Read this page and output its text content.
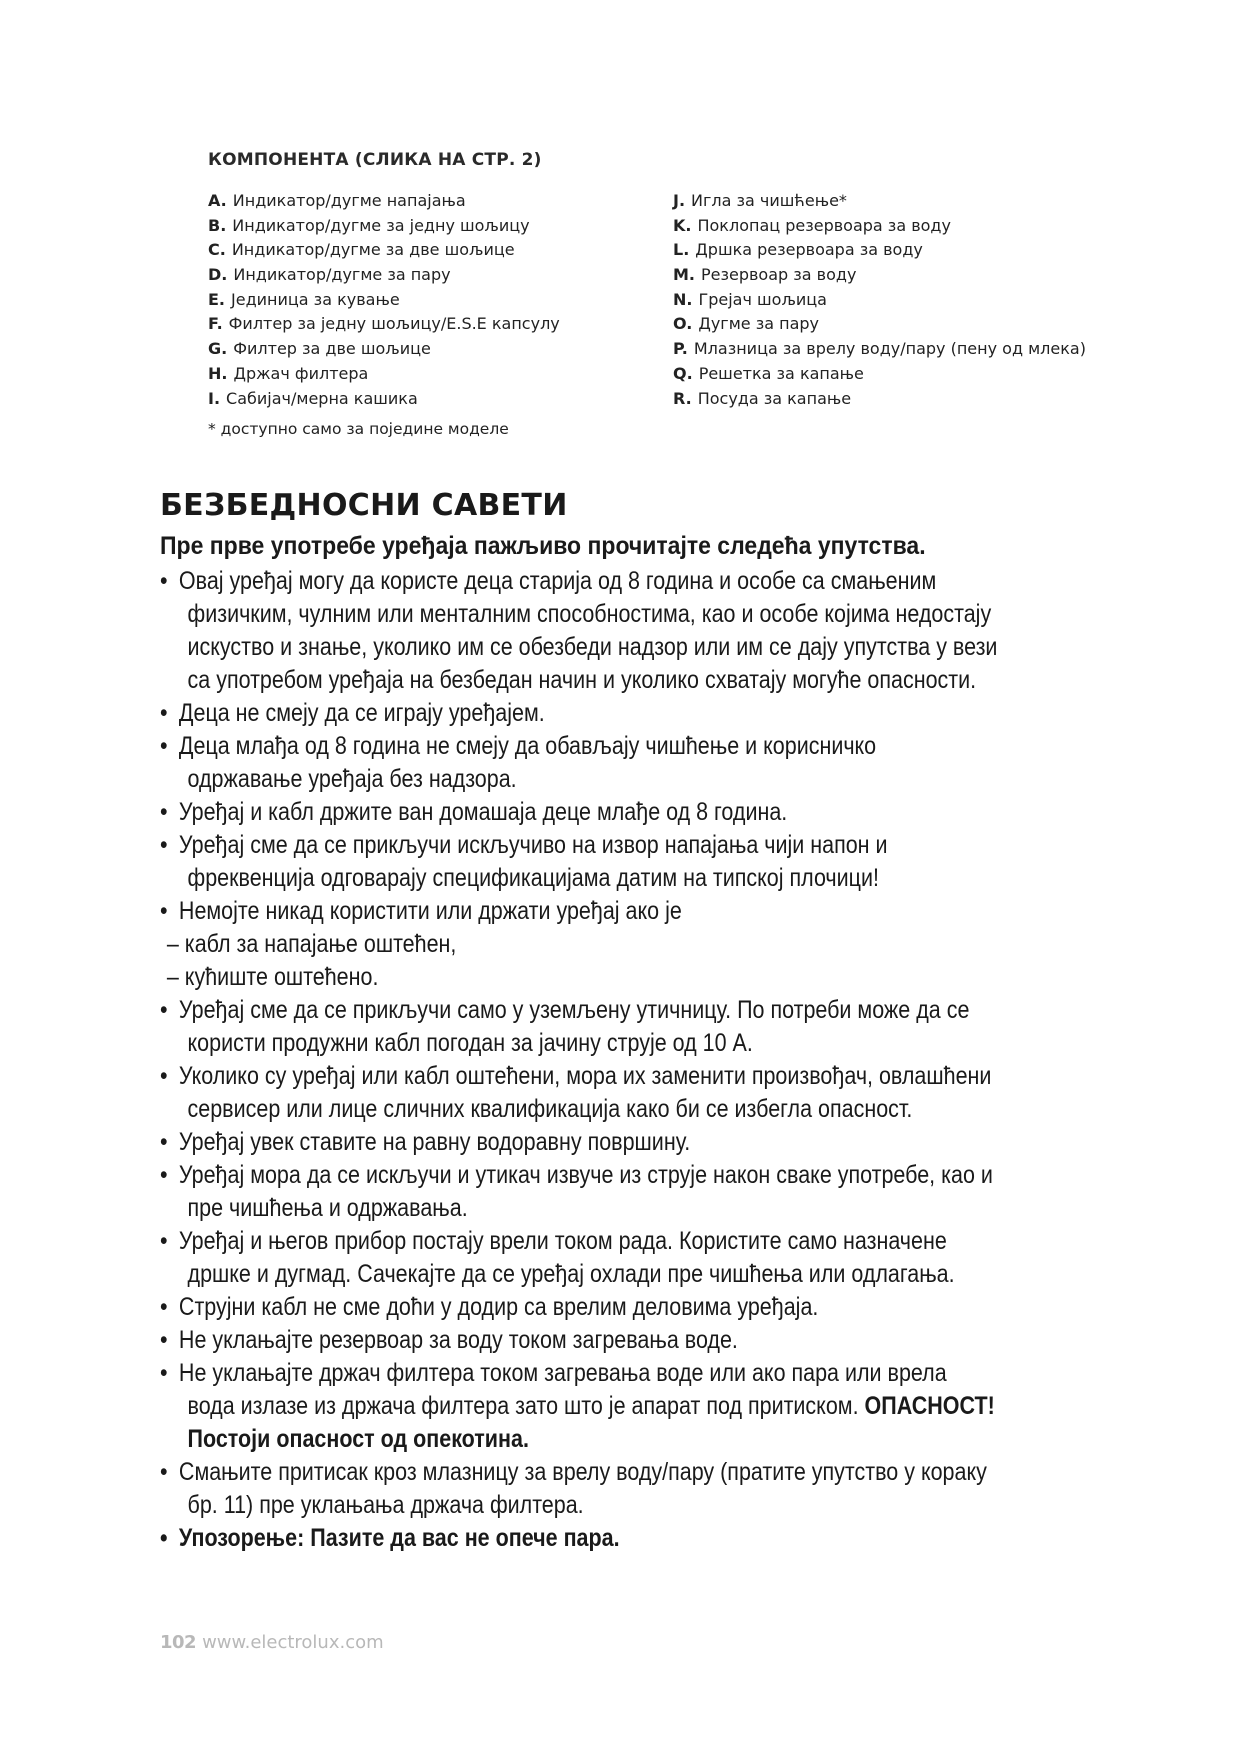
КОМПОНЕНТА (СЛИКА НА СТР. 2)
A. Индикатор/дугме напајања
B. Индикатор/дугме за једну шољицу
C. Индикатор/дугме за две шољице
D. Индикатор/дугме за пару
E. Јединица за кување
F. Филтер за једну шољицу/E.S.E капсулу
G. Филтер за две шољице
H. Држач филтера
I. Сабијач/мерна кашика
J. Игла за чишћење*
K. Поклопац резервоара за воду
L. Дршка резервоара за воду
M. Резервоар за воду
N. Грејач шољица
O. Дугме за пару
P. Млазница за врелу воду/пару (пену од млека)
Q. Решетка за капање
R. Посуда за капање
* доступно само за поједине моделе
БЕЗБЕДНОСНИ САВЕТИ
Пре прве употребе уређаја пажљиво прочитајте следећа упутства.
• Овај уређај могу да користе деца старија од 8 година и особе са смањеним
физичким, чулним или менталним способностима, као и особе којима недостају
искуство и знање, уколико им се обезбеди надзор или им се дају упутства у вези
са употребом уређаја на безбедан начин и уколико схватају могуће опасности.
• Деца не смеју да се играју уређајем.
• Деца млађа од 8 година не смеју да обављају чишћење и корисничко
одржавање уређаја без надзора.
• Уређај и кабл држите ван домашаја деце млађе од 8 година.
• Уређај сме да се прикључи искључиво на извор напајања чији напон и
фреквенција одговарају спецификацијама датим на типској плочици!
• Немојте никад користити или држати уређај ако је
– кабл за напајање оштећен,
– кућиште оштећено.
• Уређај сме да се прикључи само у уземљену утичницу. По потреби може да се
користи продужни кабл погодан за јачину струје од 10 А.
• Уколико су уређај или кабл оштећени, мора их заменити произвођач, овлашћени
сервисер или лице сличних квалификација како би се избегла опасност.
• Уређај увек ставите на равну водоравну површину.
• Уређај мора да се искључи и утикач извуче из струје након сваке употребе, као и
пре чишћења и одржавања.
• Уређај и његов прибор постају врели током рада. Користите само назначене
дршке и дугмад. Сачекајте да се уређај охлади пре чишћења или одлагања.
• Струјни кабл не сме доћи у додир са врелим деловима уређаја.
• Не уклањајте резервоар за воду током загревања воде.
• Не уклањајте држач филтера током загревања воде или ако пара или врела
вода излазе из држача филтера зато што је апарат под притиском. ОПАСНОСТ!
Постоји опасност од опекотина.
• Смањите притисак кроз млазницу за врелу воду/пару (пратите упутство у кораку
бр. 11) пре уклањања држача филтера.
• Упозорење: Пазите да вас не опече пара.
102 www.electrolux.com
